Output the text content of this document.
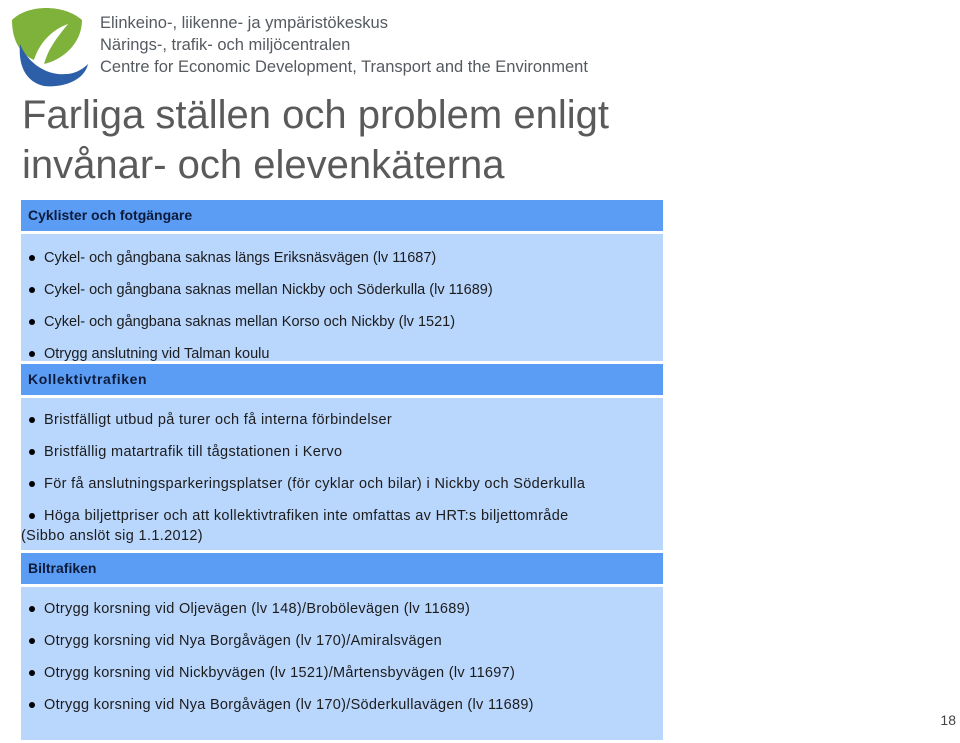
Elinkeino-, liikenne- ja ympäristökeskus
Närings-, trafik- och miljöcentralen
Centre for Economic Development, Transport and the Environment
Farliga ställen och problem enligt
invånar- och elevenkäterna
Cyklister och fotgängare
Cykel- och gångbana saknas längs Eriksnäsvägen (lv 11687)
Cykel- och gångbana saknas mellan Nickby och Söderkulla (lv 11689)
Cykel- och gångbana saknas mellan Korso och Nickby (lv 1521)
Otrygg anslutning vid Talman koulu
Kollektivtrafiken
Bristfälligt utbud på turer och få interna förbindelser
Bristfällig matartrafik till tågstationen i Kervo
För få anslutningsparkeringsplatser (för cyklar och bilar) i Nickby och Söderkulla
Höga biljettpriser och att kollektivtrafiken inte omfattas av HRT:s biljettområde
(Sibbo anslöt sig 1.1.2012)
Biltrafiken
Otrygg korsning vid Oljevägen (lv 148)/Brobölevägen (lv 11689)
Otrygg korsning vid Nya Borgåvägen (lv 170)/Amiralsvägen
Otrygg korsning vid Nickbyvägen (lv 1521)/Mårtensbyvägen (lv 11697)
Otrygg korsning vid Nya Borgåvägen (lv 170)/Söderkullavägen (lv 11689)
18
